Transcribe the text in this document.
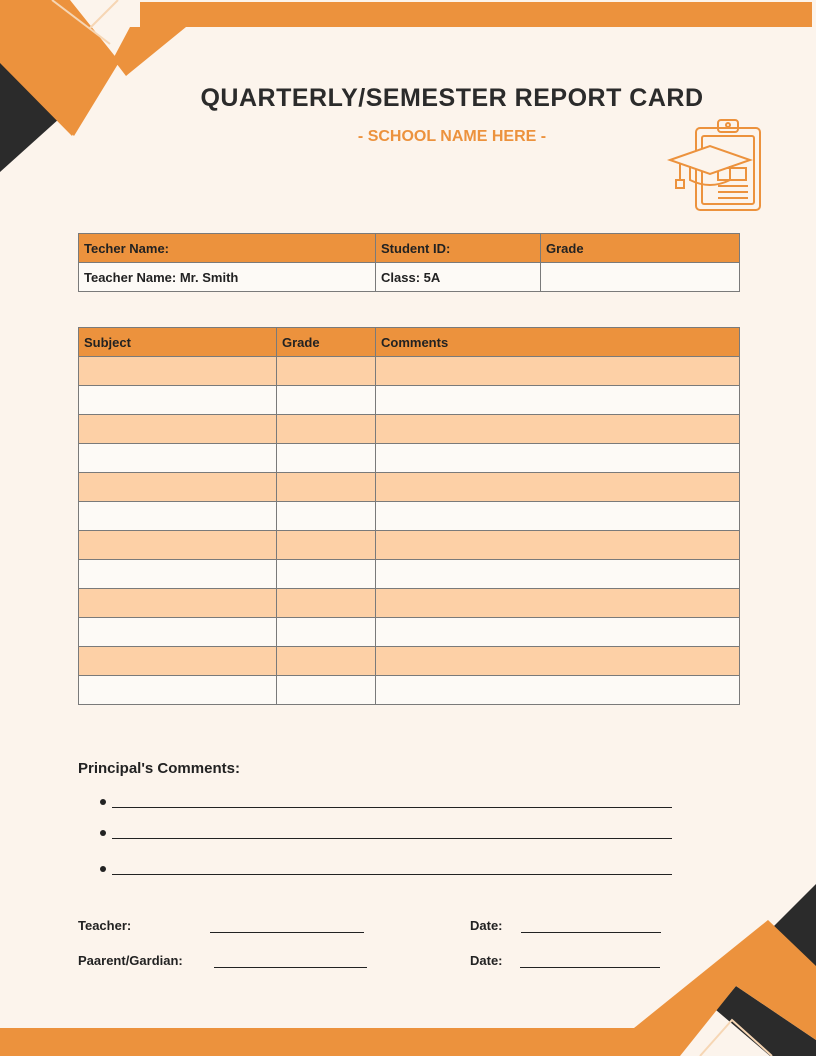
QUARTERLY/SEMESTER REPORT CARD
- SCHOOL NAME HERE -
Techer Name:	Student ID:	Grade
Teacher Name: Mr. Smith	Class: 5A	
Subject	Grade	Comments

Principal's Comments:
Teacher:	Date:
Paarent/Gardian:	Date:
